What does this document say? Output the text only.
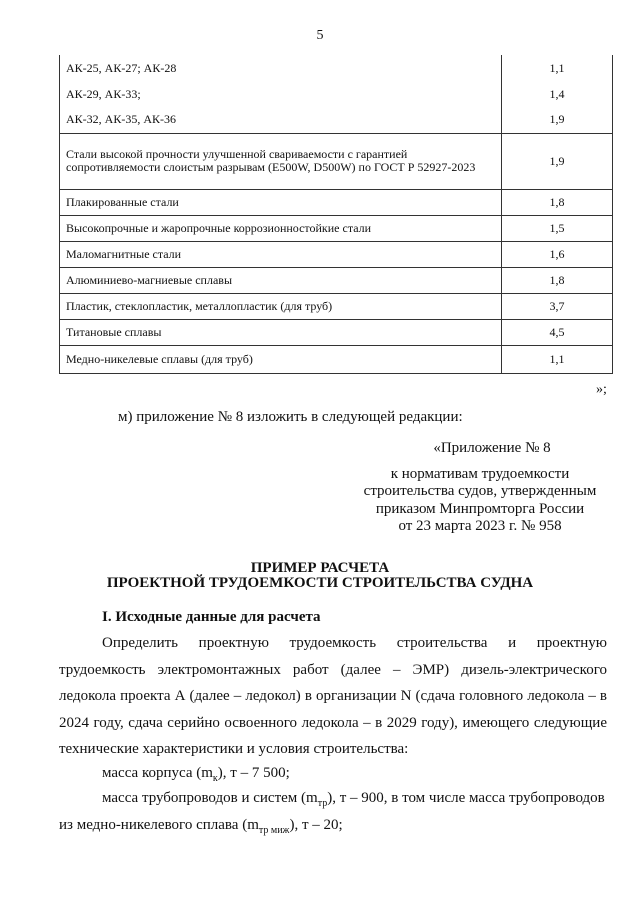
5
АК-25, АК-27; АК-28	1,1
АК-29, АК-33;	1,4
АК-32, АК-35, АК-36	1,9
Стали высокой прочности улучшенной свариваемости с гарантией сопротивляемости слоистым разрывам (E500W, D500W) по ГОСТ Р 52927-2023	1,9
Плакированные стали	1,8
Высокопрочные и жаропрочные коррозионностойкие стали	1,5
Маломагнитные стали	1,6
Алюминиево-магниевые сплавы	1,8
Пластик, стеклопластик, металлопластик (для труб)	3,7
Титановые сплавы	4,5
Медно-никелевые сплавы (для труб)	1,1
»;
м) приложение № 8 изложить в следующей редакции:
«Приложение № 8
к нормативам трудоемкости
строительства судов, утвержденным
приказом Минпромторга России
от 23 марта 2023 г. № 958
ПРИМЕР РАСЧЕТА
ПРОЕКТНОЙ ТРУДОЕМКОСТИ СТРОИТЕЛЬСТВА СУДНА
I. Исходные данные для расчета
Определить проектную трудоемкость строительства и проектную трудоемкость электромонтажных работ (далее – ЭМР) дизель-электрического ледокола проекта А (далее – ледокол) в организации N (сдача головного ледокола – в 2024 году, сдача серийно освоенного ледокола – в 2029 году), имеющего следующие технические характеристики и условия строительства:
масса корпуса $(m_к)$, т – 7 500;
масса трубопроводов и систем $(m_{тр})$, т – 900, в том числе масса трубопроводов
из медно-никелевого сплава $(m_{тр миж})$, т – 20;
